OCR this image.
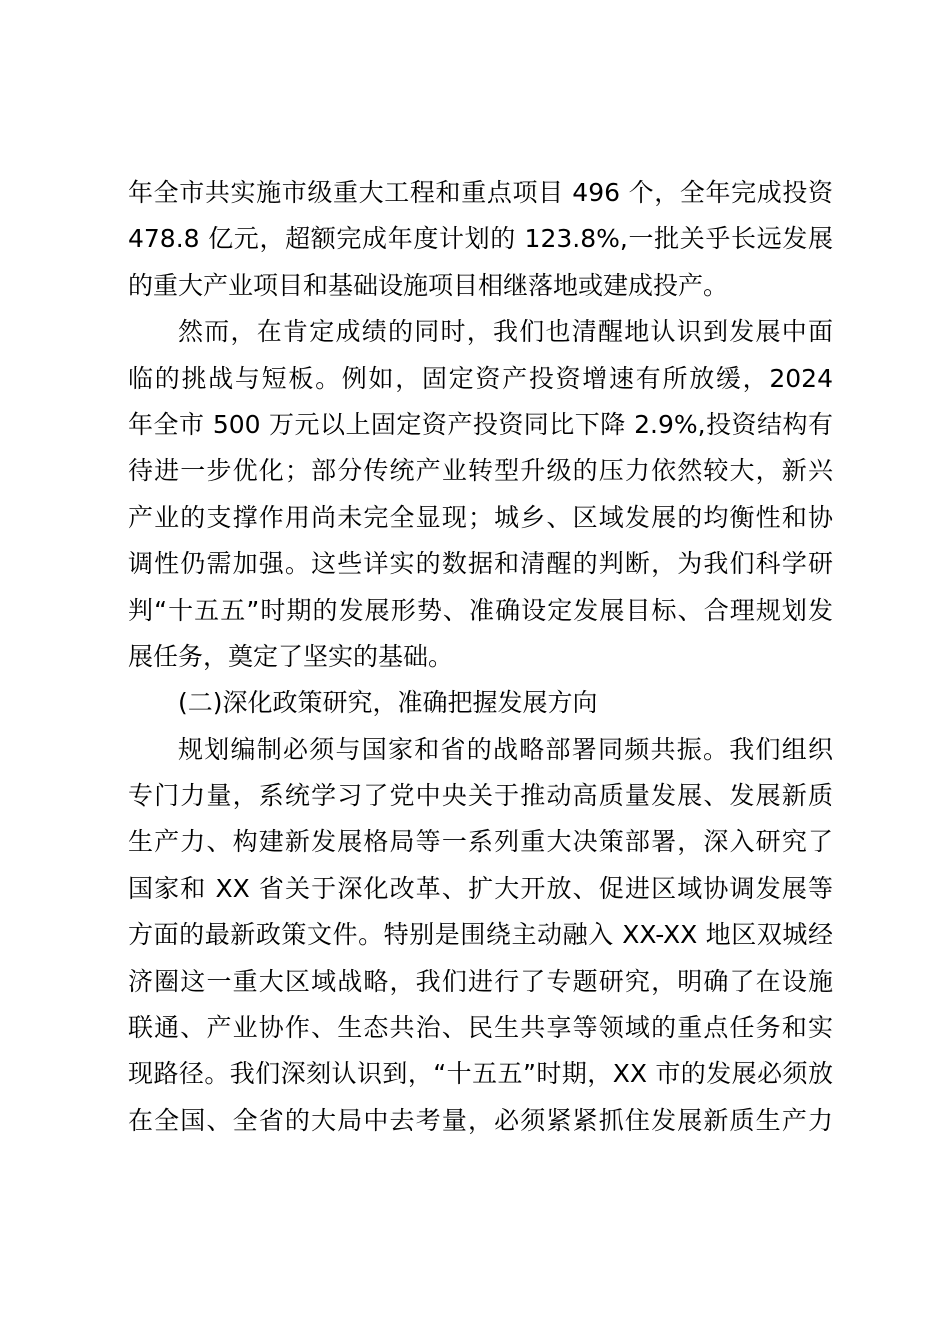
年全市共实施市级重大工程和重点项目 496 个，全年完成投资
478.8 亿元，超额完成年度计划的 123.8%,一批关乎长远发展
的重大产业项目和基础设施项目相继落地或建成投产。
然而，在肯定成绩的同时，我们也清醒地认识到发展中面
临的挑战与短板。例如，固定资产投资增速有所放缓，2024
年全市 500 万元以上固定资产投资同比下降 2.9%,投资结构有
待进一步优化；部分传统产业转型升级的压力依然较大，新兴
产业的支撑作用尚未完全显现；城乡、区域发展的均衡性和协
调性仍需加强。这些详实的数据和清醒的判断，为我们科学研
判“十五五”时期的发展形势、准确设定发展目标、合理规划发
展任务，奠定了坚实的基础。
(二)深化政策研究，准确把握发展方向
规划编制必须与国家和省的战略部署同频共振。我们组织
专门力量，系统学习了党中央关于推动高质量发展、发展新质
生产力、构建新发展格局等一系列重大决策部署，深入研究了
国家和 XX 省关于深化改革、扩大开放、促进区域协调发展等
方面的最新政策文件。特别是围绕主动融入 XX-XX 地区双城经
济圈这一重大区域战略，我们进行了专题研究，明确了在设施
联通、产业协作、生态共治、民生共享等领域的重点任务和实
现路径。我们深刻认识到，“十五五”时期，XX 市的发展必须放
在全国、全省的大局中去考量，必须紧紧抓住发展新质生产力
